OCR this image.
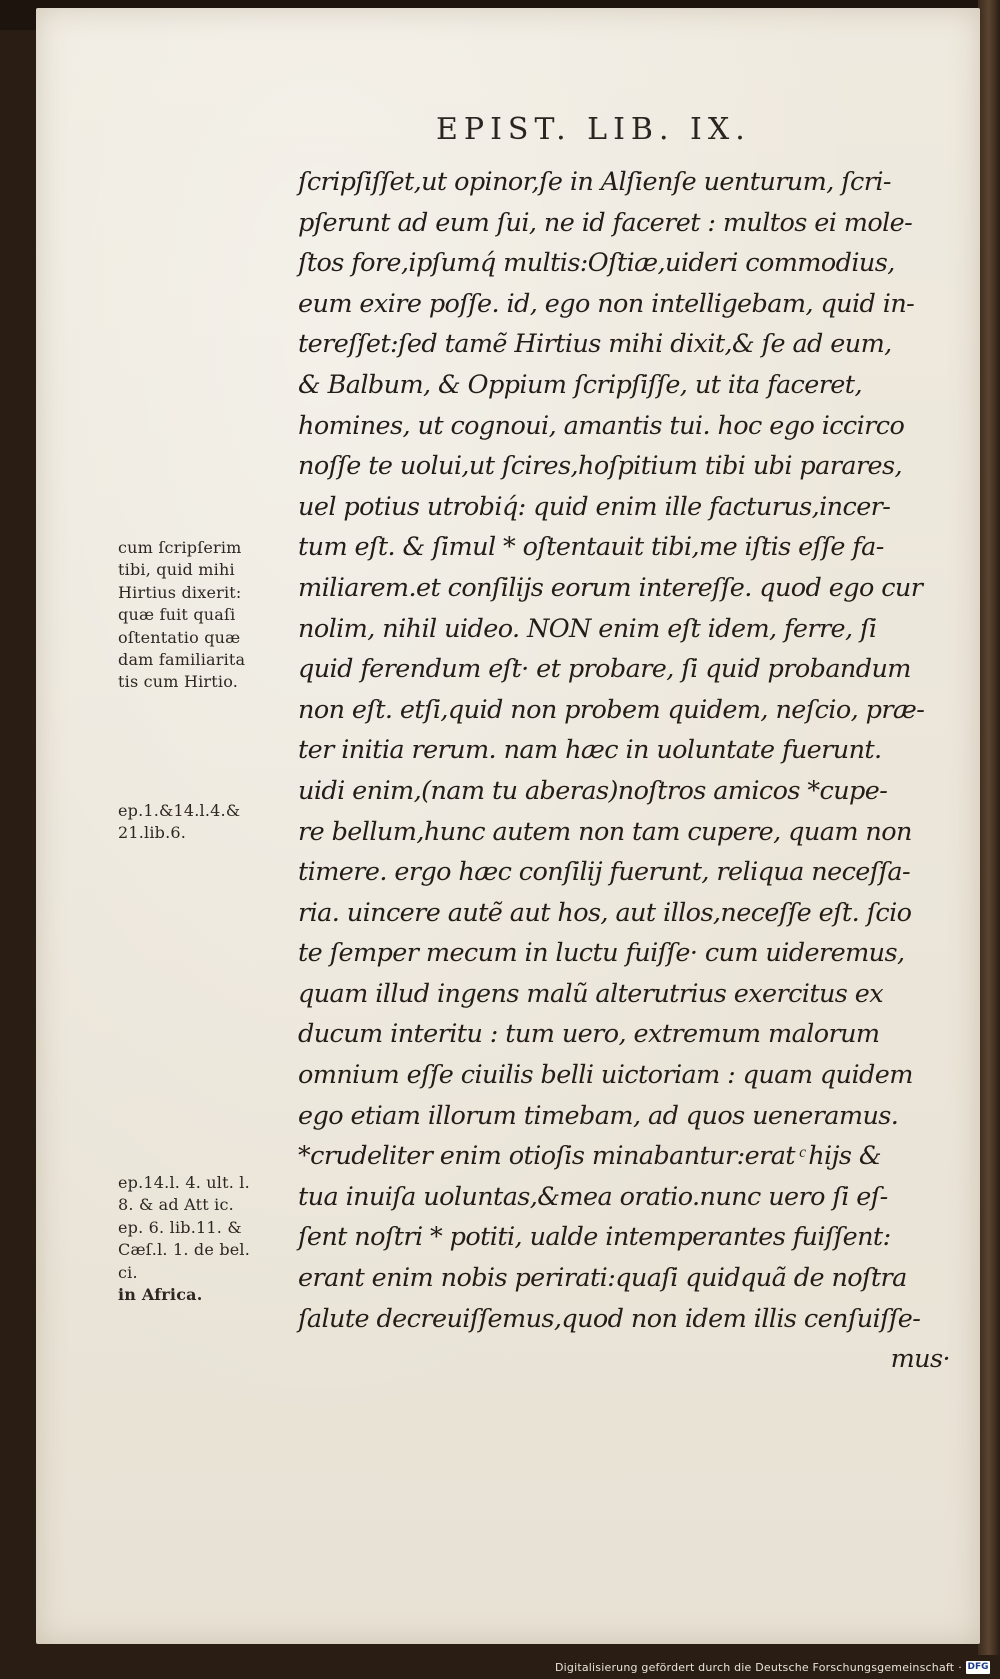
EPIST. LIB. IX.
ſcripſiſſet,ut opinor,ſe in Alſienſe uenturum, ſcri-
pſerunt ad eum ſui, ne id faceret : multos ei mole-
ſtos fore,ipſumq́ multis:Oſtiæ,uideri commodius,
eum exire poſſe. id, ego non intelligebam, quid in-
tereſſet:ſed tamẽ Hirtius mihi dixit,& ſe ad eum,
& Balbum, & Oppium ſcripſiſſe, ut ita faceret,
homines, ut cognoui, amantis tui. hoc ego iccirco
noſſe te uolui,ut ſcires,hoſpitium tibi ubi parares,
uel potius utrobiq́: quid enim ille facturus,incer-
tum eſt. & ſimul * oſtentauit tibi,me iſtis eſſe fa-
miliarem.et conſilijs eorum intereſſe. quod ego cur
nolim, nihil uideo. NON enim eſt idem, ferre, ſi
quid ferendum eſt· et probare, ſi quid probandum
non eſt. etſi,quid non probem quidem, neſcio, præ-
ter initia rerum. nam hæc in uoluntate fuerunt.
uidi enim,(nam tu aberas)noſtros amicos *cupe-
re bellum,hunc autem non tam cupere, quam non
timere. ergo hæc conſilij fuerunt, reliqua neceſſa-
ria. uincere autẽ aut hos, aut illos,neceſſe eſt. ſcio
te ſemper mecum in luctu fuiſſe· cum uideremus,
quam illud ingens malũ alterutrius exercitus ex
ducum interitu : tum uero, extremum malorum
omnium eſſe ciuilis belli uictoriam : quam quidem
ego etiam illorum timebam, ad quos ueneramus.
*crudeliter enim otioſis minabantur:erat ͨ hijs &
tua inuiſa uoluntas,&mea oratio.nunc uero ſi eſ-
ſent noſtri * potiti, ualde intemperantes fuiſſent:
erant enim nobis perirati:quaſi quidquã de noſtra
ſalute decreuiſſemus,quod non idem illis cenſuiſſe-
mus·
cum ſcripſerim
tibi, quid mihi
Hirtius dixerit:
quæ fuit quaſi
oſtentatio quæ
dam familiarita
tis cum Hirtio.
ep.1.&14.l.4.&
21.lib.6.
ep.14.l. 4. ult. l.
8. & ad Att ic.
ep. 6. lib.11. &
Cæſ.l. 1. de bel.
ci.
in Africa.
Digitalisierung gefördert durch die Deutsche Forschungsgemeinschaft · DFG
